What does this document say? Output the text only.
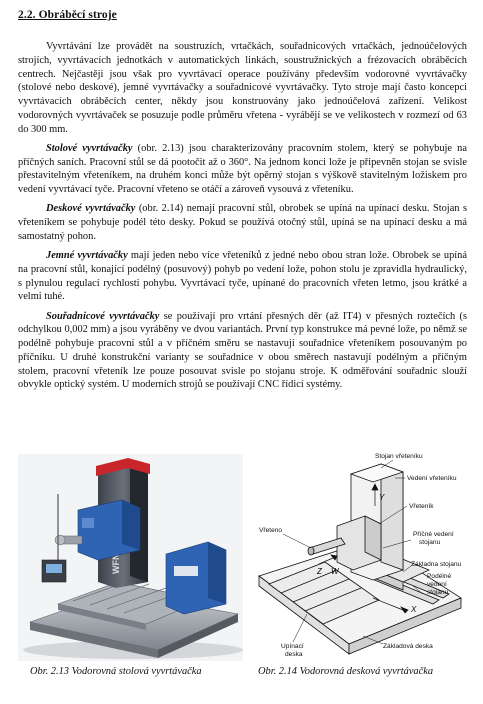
2.2. Obráběcí stroje

Vyvrtávání lze provádět na soustruzích, vrtačkách, souřadnicových vrtačkách, jednoúčelových strojích, vyvrtávacích jednotkách v automatických linkách, soustružnických a frézovacích obráběcích centrech. Nejčastěji jsou však pro vyvrtávací operace používány především vodorovné vyvrtávačky (stolové nebo deskové), jemné vyvrtávačky a souřadnicové vyvrtávačky. Tyto stroje mají často koncepci vyvrtávacích obráběcích center, někdy jsou konstruovány jako jednoúčelová zařízení. Velikost vodorovných vyvrtávaček se posuzuje podle průměru vřetena - vyrábějí se ve velikostech v rozmezí od 63 do 300 mm.

Stolové vyvrtávačky (obr. 2.13) jsou charakterizovány pracovním stolem, který se pohybuje na příčných saních. Pracovní stůl se dá pootočit až o 360°. Na jednom konci lože je připevněn stojan se svisle přestavitelným vřeteníkem, na druhém konci může být opěrný stojan s výškově stavitelným ložiskem pro vedení vyvrtávací tyče. Pracovní vřeteno se otáčí a zároveň vysouvá z vřeteníku.

Deskové vyvrtávačky (obr. 2.14) nemají pracovní stůl, obrobek se upíná na upínací desku. Stojan s vřeteníkem se pohybuje podél této desky. Pokud se používá otočný stůl, upíná se na upínací desku a má samostatný pohon.

Jemné vyvrtávačky mají jeden nebo více vřeteníků z jedné nebo obou stran lože. Obrobek se upíná na pracovní stůl, konající podélný (posuvový) pohyb po vedení lože, pohon stolu je zpravidla hydraulický, s plynulou regulací rychlosti pohybu. Vyvrtávací tyče, upínané do pracovních vřeten letmo, jsou krátké a velmi tuhé.

Souřadnicové vyvrtávačky se používají pro vrtání přesných děr (až IT4) v přesných roztečích (s odchylkou 0,002 mm) a jsou vyráběny ve dvou variantách. První typ konstrukce má pevné lože, po němž se podélně pohybuje pracovní stůl a v příčném směru se nastavují souřadnice vřeteníkem posouvaným po příčníku. U druhé konstrukční varianty se souřadnice v obou směrech nastavují podélným a příčným stolem, pracovní vřeteník lze pouze posouvat svisle po stojanu stroje. K odměřování souřadnic slouží obvykle optický systém. U moderních strojů se používají CNC řídicí systémy.

Y
Z W
X
Stojan vřeteníku
Vedení vřeteníku
Vřeteník
Vřeteno
Příčné vedení
stojanu
Základna stojanu
Podélné
vedení
stojanu
Upínací
deska
Základová deska
Obr. 2.13 Vodorovná stolová vyvrtávačka	Obr. 2.14 Vodorovná desková vyvrtávačka
